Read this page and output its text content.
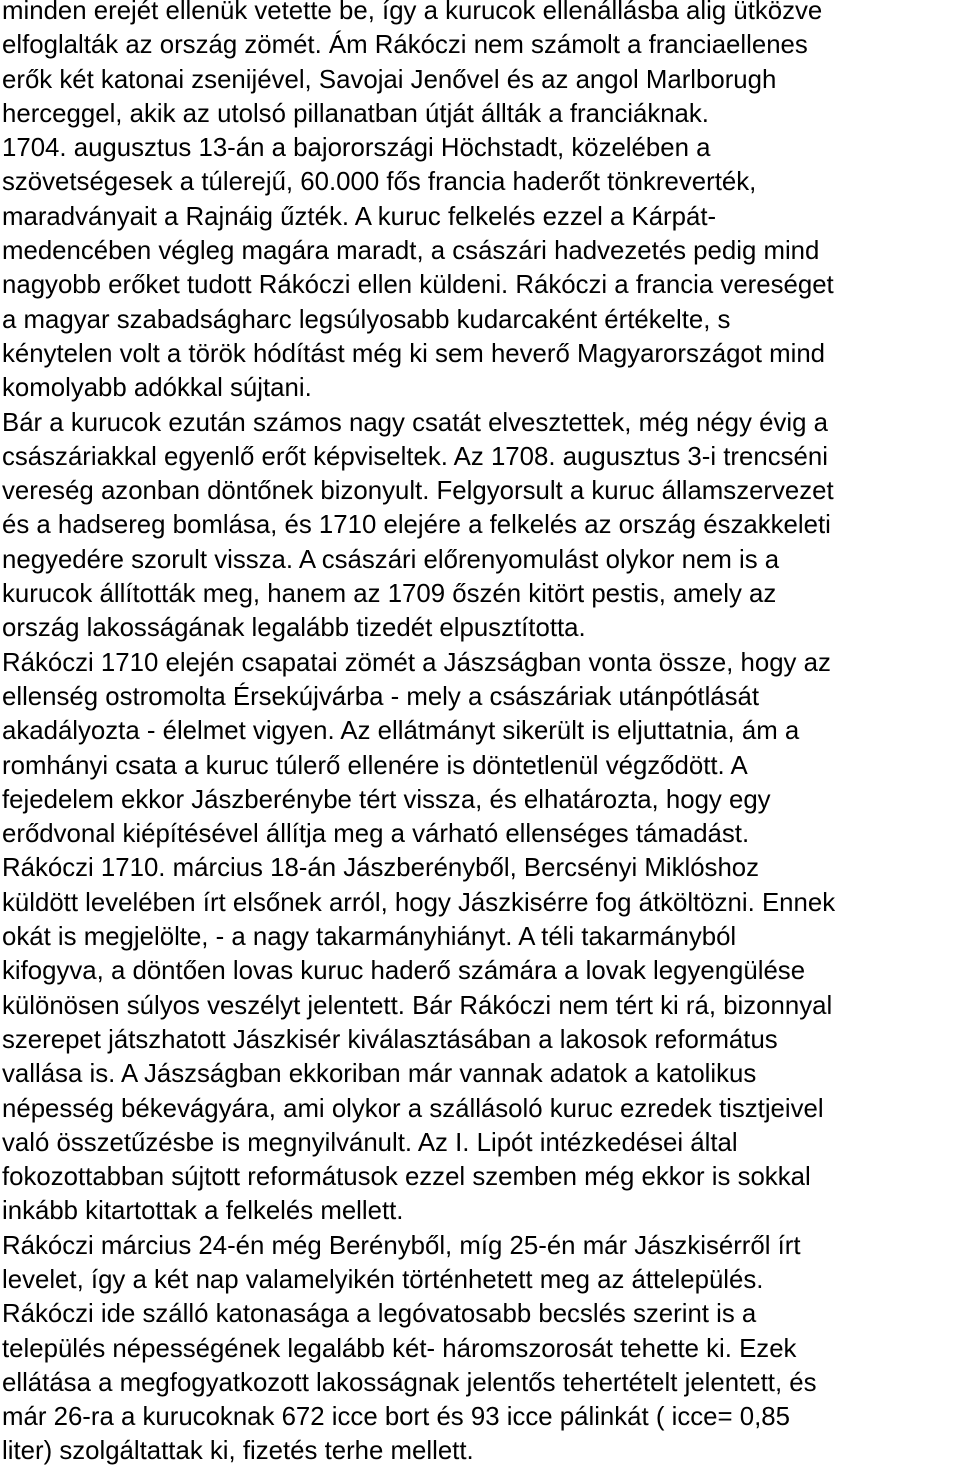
minden erejét ellenük vetette be, így a kurucok ellenállásba alig ütközve
elfoglalták az ország zömét. Ám Rákóczi nem számolt a franciaellenes
erők két katonai zsenijével, Savojai Jenővel és az angol Marlborugh
herceggel, akik az utolsó pillanatban útját állták a franciáknak.
1704. augusztus 13-án a bajorországi Höchstadt, közelében a
szövetségesek a túlerejű, 60.000 fős francia haderőt tönkreverték,
maradványait a Rajnáig űzték. A kuruc felkelés ezzel a Kárpát-
medencében végleg magára maradt, a császári hadvezetés pedig mind
nagyobb erőket tudott Rákóczi ellen küldeni. Rákóczi a francia vereséget
a magyar szabadságharc legsúlyosabb kudarcaként értékelte, s
kénytelen volt a török hódítást még ki sem heverő Magyarországot mind
komolyabb adókkal sújtani.
Bár a kurucok ezután számos nagy csatát elvesztettek, még négy évig a
császáriakkal egyenlő erőt képviseltek. Az 1708. augusztus 3-i trencséni
vereség azonban döntőnek bizonyult. Felgyorsult a kuruc államszervezet
és a hadsereg bomlása, és 1710 elejére a felkelés az ország északkeleti
negyedére szorult vissza. A császári előrenyomulást olykor nem is a
kurucok állították meg, hanem az 1709 őszén kitört pestis, amely az
ország lakosságának legalább tizedét elpusztította.
Rákóczi 1710 elején csapatai zömét a Jászságban vonta össze, hogy az
ellenség ostromolta Érsekújvárba - mely a császáriak utánpótlását
akadályozta - élelmet vigyen. Az ellátmányt sikerült is eljuttatnia, ám a
romhányi csata a kuruc túlerő ellenére is döntetlenül végződött. A
fejedelem ekkor Jászberénybe tért vissza, és elhatározta, hogy egy
erődvonal kiépítésével állítja meg a várható ellenséges támadást.
Rákóczi 1710. március 18-án Jászberényből, Bercsényi Miklóshoz
küldött levelében írt elsőnek arról, hogy Jászkisérre fog átköltözni. Ennek
okát is megjelölte, - a nagy takarmányhiányt. A téli takarmányból
kifogyva, a döntően lovas kuruc haderő számára a lovak legyengülése
különösen súlyos veszélyt jelentett. Bár Rákóczi nem tért ki rá, bizonnyal
szerepet játszhatott Jászkisér kiválasztásában a lakosok református
vallása is. A Jászságban ekkoriban már vannak adatok a katolikus
népesség békevágyára, ami olykor a szállásoló kuruc ezredek tisztjeivel
való összetűzésbe is megnyilvánult. Az I. Lipót intézkedései által
fokozottabban sújtott reformátusok ezzel szemben még ekkor is sokkal
inkább kitartottak a felkelés mellett.
Rákóczi március 24-én még Berényből, míg 25-én már Jászkisérről írt
levelet, így a két nap valamelyikén történhetett meg az áttelepülés.
Rákóczi ide szálló katonasága a legóvatosabb becslés szerint is a
település népességének legalább két- háromszorosát tehette ki. Ezek
ellátása a megfogyatkozott lakosságnak jelentős tehertételt jelentett, és
már 26-ra a kurucoknak 672 icce bort és 93 icce pálinkát ( icce= 0,85
liter) szolgáltattak ki, fizetés terhe mellett.
